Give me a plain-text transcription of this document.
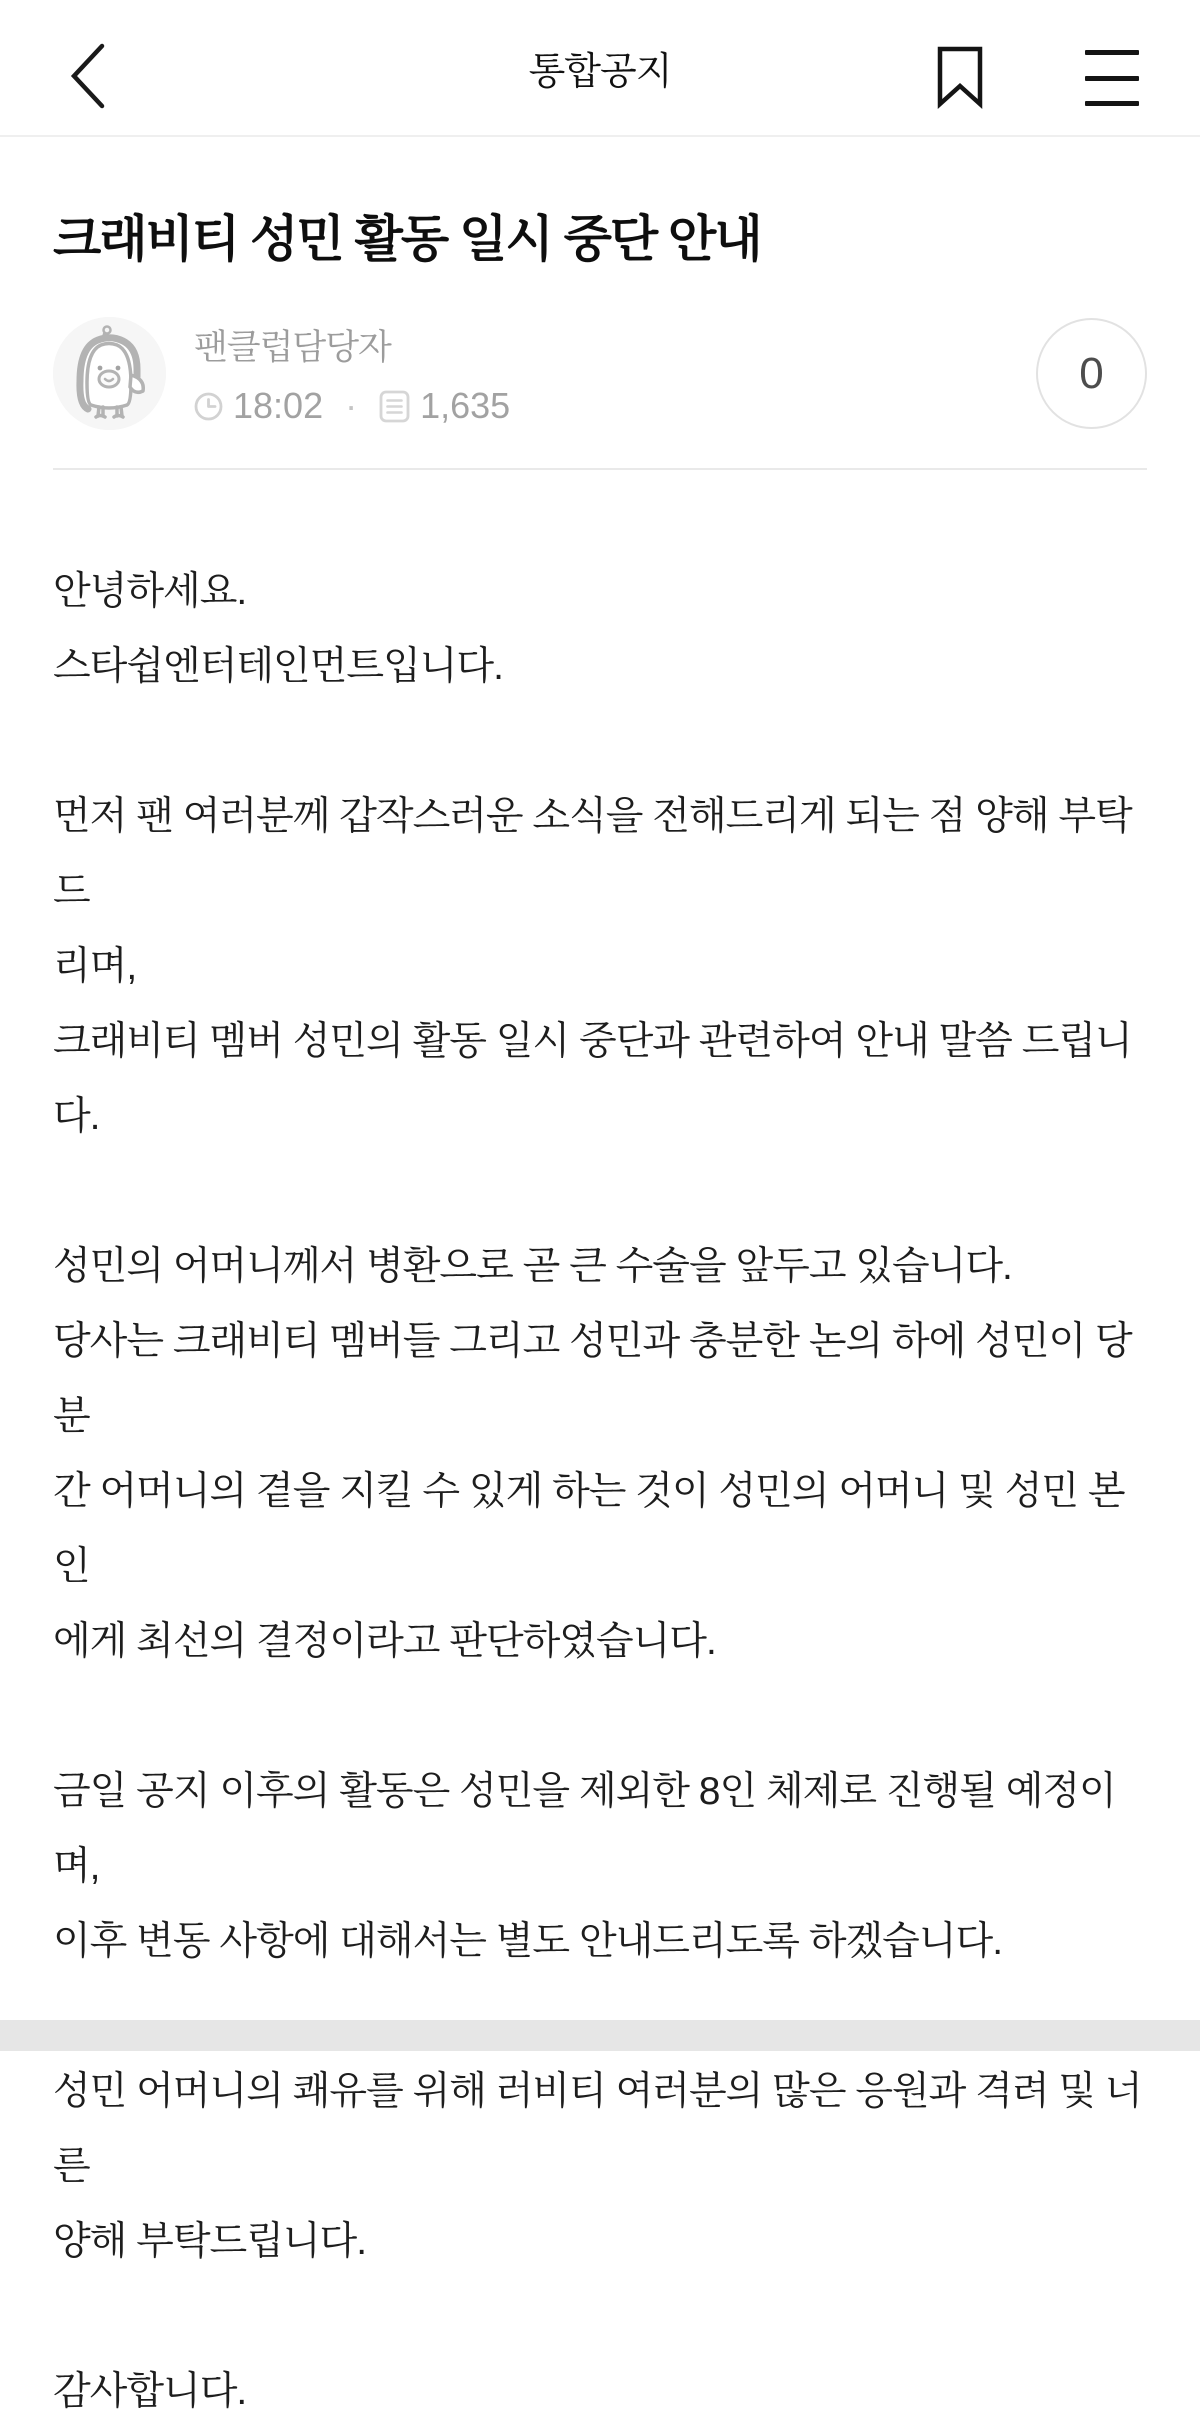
통합공지
크래비티 성민 활동 일시 중단 안내
팬클럽담당자
18:02 · 1,635
0

안녕하세요.
스타쉽엔터테인먼트입니다.

먼저 팬 여러분께 갑작스러운 소식을 전해드리게 되는 점 양해 부탁드
리며,
크래비티 멤버 성민의 활동 일시 중단과 관련하여 안내 말씀 드립니다.

성민의 어머니께서 병환으로 곧 큰 수술을 앞두고 있습니다.
당사는 크래비티 멤버들 그리고 성민과 충분한 논의 하에 성민이 당분
간 어머니의 곁을 지킬 수 있게 하는 것이 성민의 어머니 및 성민 본인
에게 최선의 결정이라고 판단하였습니다.

금일 공지 이후의 활동은 성민을 제외한 8인 체제로 진행될 예정이며,
이후 변동 사항에 대해서는 별도 안내드리도록 하겠습니다.

성민 어머니의 쾌유를 위해 러비티 여러분의 많은 응원과 격려 및 너른
양해 부탁드립니다.

감사합니다.
